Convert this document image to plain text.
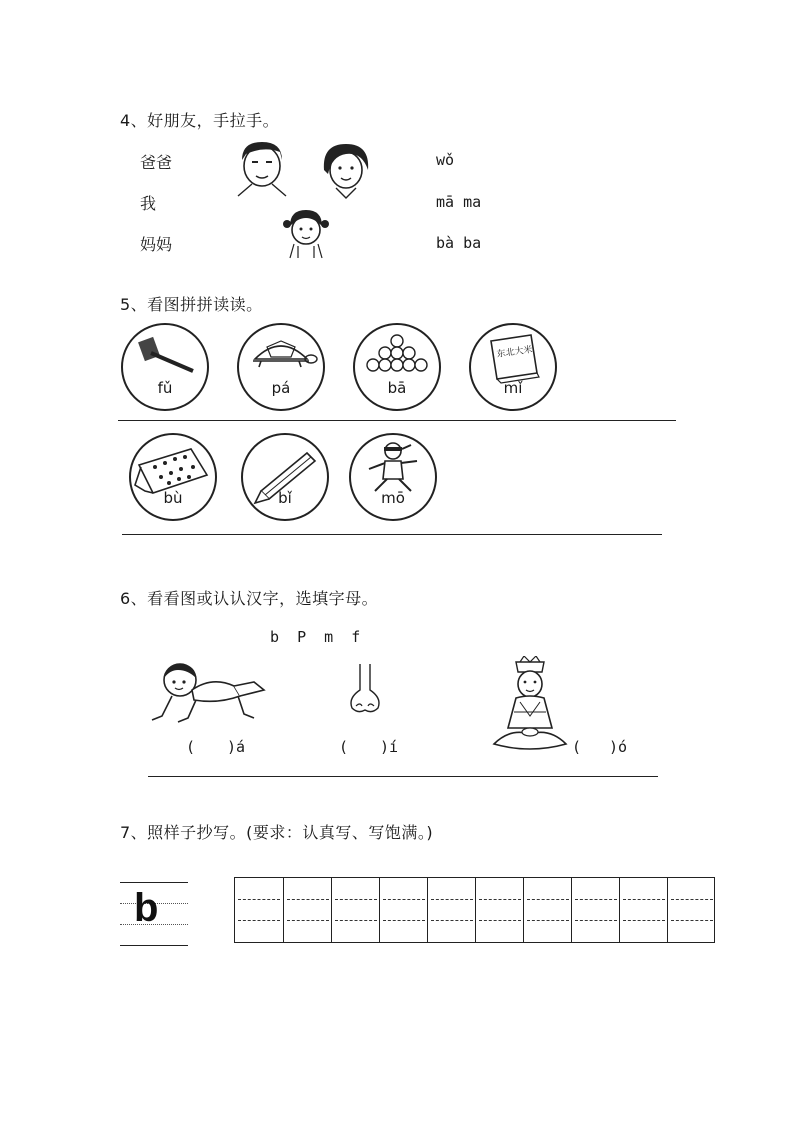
4、好朋友，手拉手。
爸爸
我
妈妈
wǒ
mā ma
bà ba
5、看图拼拼读读。
fǔ	pá	bā
东北大米
mǐ
bù	bǐ	mō
6、看看图或认认汉字，选填字母。
b  P  m  f
( )á	( )í	( )ó
7、照样子抄写。(要求：认真写、写饱满。)
b
